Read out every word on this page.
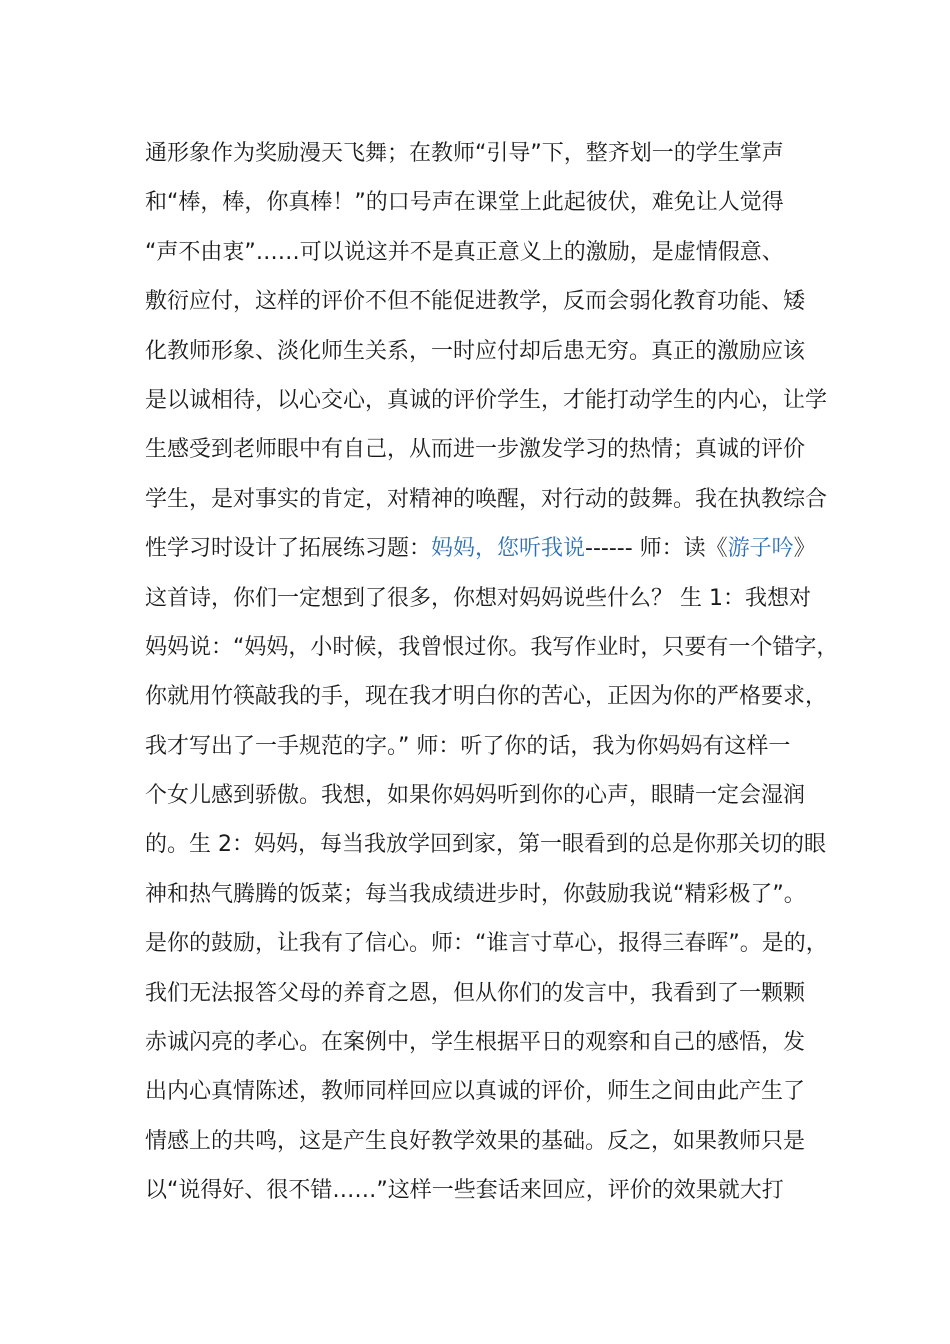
通形象作为奖励漫天飞舞；在教师“引导”下，整齐划一的学生掌声
和“棒，棒，你真棒！”的口号声在课堂上此起彼伏，难免让人觉得
“声不由衷”……可以说这并不是真正意义上的激励，是虚情假意、
敷衍应付，这样的评价不但不能促进教学，反而会弱化教育功能、矮
化教师形象、淡化师生关系，一时应付却后患无穷。真正的激励应该
是以诚相待，以心交心，真诚的评价学生，才能打动学生的内心，让学
生感受到老师眼中有自己，从而进一步激发学习的热情；真诚的评价
学生，是对事实的肯定，对精神的唤醒，对行动的鼓舞。我在执教综合
性学习时设计了拓展练习题：妈妈，您听我说------ 师：读《游子吟》
这首诗，你们一定想到了很多，你想对妈妈说些什么？ 生 1：我想对
妈妈说：“妈妈，小时候，我曾恨过你。我写作业时，只要有一个错字，
你就用竹筷敲我的手，现在我才明白你的苦心，正因为你的严格要求，
我才写出了一手规范的字。” 师：听了你的话，我为你妈妈有这样一
个女儿感到骄傲。我想，如果你妈妈听到你的心声，眼睛一定会湿润
的。生 2：妈妈，每当我放学回到家，第一眼看到的总是你那关切的眼
神和热气腾腾的饭菜；每当我成绩进步时，你鼓励我说“精彩极了”。
是你的鼓励，让我有了信心。师：“谁言寸草心，报得三春晖”。是的，
我们无法报答父母的养育之恩，但从你们的发言中，我看到了一颗颗
赤诚闪亮的孝心。在案例中，学生根据平日的观察和自己的感悟，发
出内心真情陈述，教师同样回应以真诚的评价，师生之间由此产生了
情感上的共鸣，这是产生良好教学效果的基础。反之，如果教师只是
以“说得好、很不错……”这样一些套话来回应，评价的效果就大打
